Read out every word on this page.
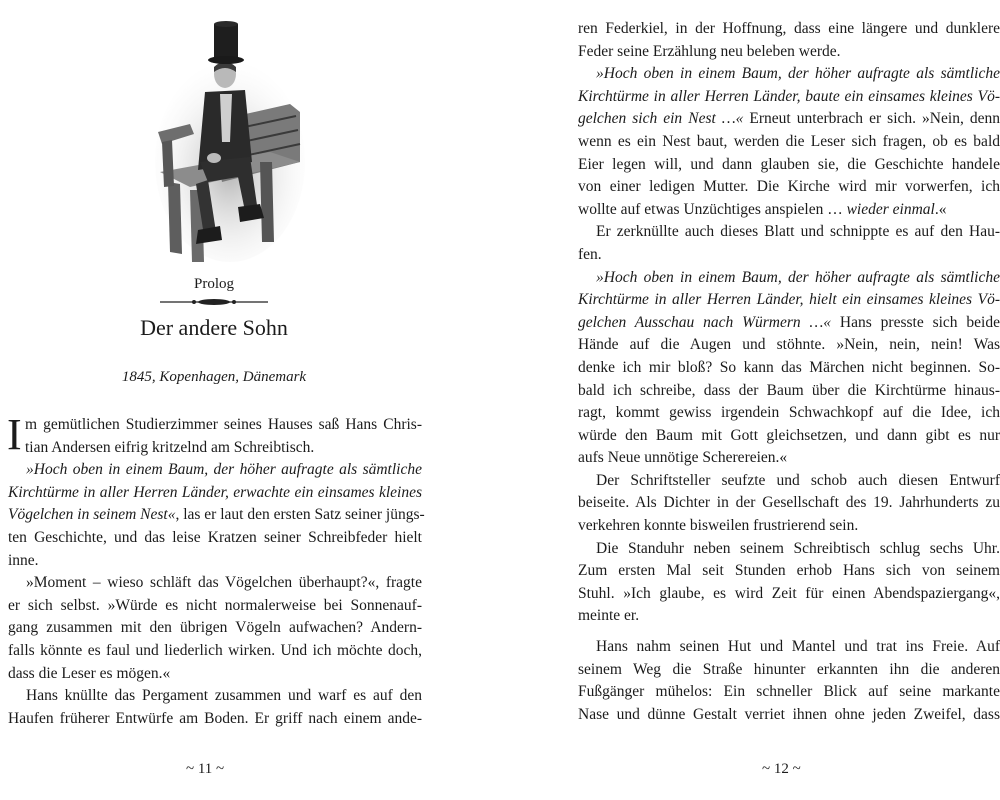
Prolog
Der andere Sohn
1845, Kopenhagen, Dänemark

I m gemütlichen Studierzimmer seines Hauses saß Hans Chris-

tian Andersen eifrig kritzelnd am Schreibtisch.

»Hoch oben in einem Baum, der höher aufragte als sämtliche

Kirchtürme in aller Herren Länder, erwachte ein einsames kleines

Vögelchen in seinem Nest«, las er laut den ersten Satz seiner jüngs-

ten Geschichte, und das leise Kratzen seiner Schreibfeder hielt

inne.

»Moment – wieso schläft das Vögelchen überhaupt?«, fragte

er sich selbst. »Würde es nicht normalerweise bei Sonnenauf-

gang zusammen mit den übrigen Vögeln aufwachen? Andern-

falls könnte es faul und liederlich wirken. Und ich möchte doch,

dass die Leser es mögen.«

Hans knüllte das Pergament zusammen und warf es auf den

Haufen früherer Entwürfe am Boden. Er griff nach einem ande-

~ 11 ~

ren Federkiel, in der Hoffnung, dass eine längere und dunklere

Feder seine Erzählung neu beleben werde.

»Hoch oben in einem Baum, der höher aufragte als sämtliche

Kirchtürme in aller Herren Länder, baute ein einsames kleines Vö-

gelchen sich ein Nest …« Erneut unterbrach er sich. »Nein, denn

wenn es ein Nest baut, werden die Leser sich fragen, ob es bald

Eier legen will, und dann glauben sie, die Geschichte handele

von einer ledigen Mutter. Die Kirche wird mir vorwerfen, ich

wollte auf etwas Unzüchtiges anspielen … wieder einmal.«

Er zerknüllte auch dieses Blatt und schnippte es auf den Hau-

fen.

»Hoch oben in einem Baum, der höher aufragte als sämtliche

Kirchtürme in aller Herren Länder, hielt ein einsames kleines Vö-

gelchen Ausschau nach Würmern …« Hans presste sich beide

Hände auf die Augen und stöhnte. »Nein, nein, nein! Was

denke ich mir bloß? So kann das Märchen nicht beginnen. So-

bald ich schreibe, dass der Baum über die Kirchtürme hinaus-

ragt, kommt gewiss irgendein Schwachkopf auf die Idee, ich

würde den Baum mit Gott gleichsetzen, und dann gibt es nur

aufs Neue unnötige Scherereien.«

Der Schriftsteller seufzte und schob auch diesen Entwurf

beiseite. Als Dichter in der Gesellschaft des 19. Jahrhunderts zu

verkehren konnte bisweilen frustrierend sein.

Die Standuhr neben seinem Schreibtisch schlug sechs Uhr.

Zum ersten Mal seit Stunden erhob Hans sich von seinem

Stuhl. »Ich glaube, es wird Zeit für einen Abendspaziergang«,

meinte er.

Hans nahm seinen Hut und Mantel und trat ins Freie. Auf

seinem Weg die Straße hinunter erkannten ihn die anderen

Fußgänger mühelos: Ein schneller Blick auf seine markante

Nase und dünne Gestalt verriet ihnen ohne jeden Zweifel, dass

~ 12 ~
